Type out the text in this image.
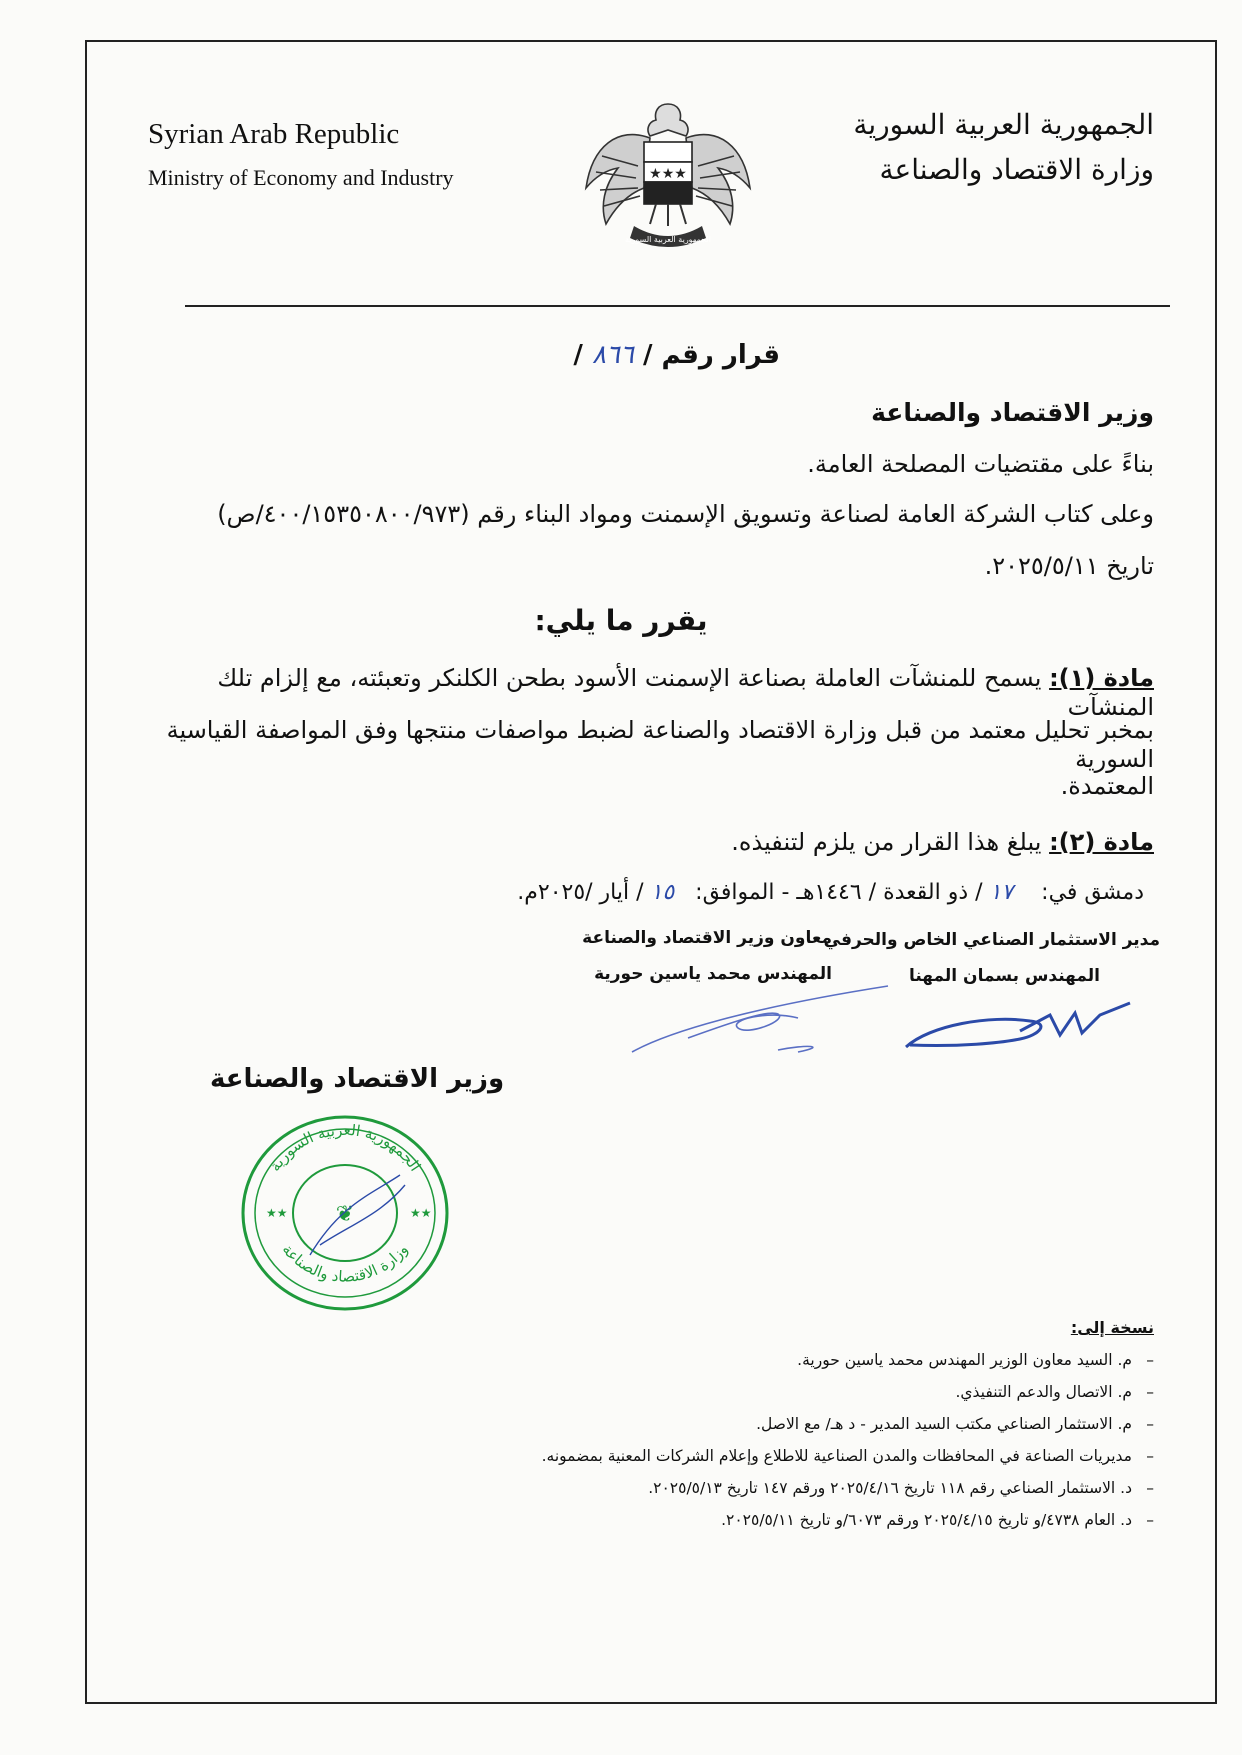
Syrian Arab Republic
Ministry of Economy and Industry
الجمهورية العربية السورية
وزارة الاقتصاد والصناعة
★★★
الجمهورية العربية السورية
قرار رقم / ٨٦٦ /
وزير الاقتصاد والصناعة
بناءً على مقتضيات المصلحة العامة.
وعلى كتاب الشركة العامة لصناعة وتسويق الإسمنت ومواد البناء رقم (٤٠٠/١٥٣٥٠٨٠٠/٩٧٣/ص)
تاريخ ٢٠٢٥/٥/١١.
يقرر ما يلي:
مادة (١): يسمح للمنشآت العاملة بصناعة الإسمنت الأسود بطحن الكلنكر وتعبئته، مع إلزام تلك المنشآت
بمخبر تحليل معتمد من قبل وزارة الاقتصاد والصناعة لضبط مواصفات منتجها وفق المواصفة القياسية السورية
المعتمدة.
مادة (٢): يبلغ هذا القرار من يلزم لتنفيذه.
دمشق في:    ١٧ / ذو القعدة / ١٤٤٦هـ - الموافق:   ١٥ / أيار /٢٠٢٥م.
مدير الاستثمار الصناعي الخاص والحرفي
المهندس بسمان المهنا
معاون وزير الاقتصاد والصناعة
المهندس محمد ياسين حورية
وزير الاقتصاد والصناعة
الجمهورية العربية السورية
وزارة الاقتصاد والصناعة
❦
★★	★★
نسخة إلى:
– م. السيد معاون الوزير المهندس محمد ياسين حورية.
– م. الاتصال والدعم التنفيذي.
– م. الاستثمار الصناعي مكتب السيد المدير - د هـ/ مع الاصل.
– مديريات الصناعة في المحافظات والمدن الصناعية للاطلاع وإعلام الشركات المعنية بمضمونه.
– د. الاستثمار الصناعي رقم ١١٨ تاريخ ٢٠٢٥/٤/١٦ ورقم ١٤٧ تاريخ ٢٠٢٥/٥/١٣.
– د. العام ٤٧٣٨/و تاريخ ٢٠٢٥/٤/١٥ ورقم ٦٠٧٣/و تاريخ ٢٠٢٥/٥/١١.
